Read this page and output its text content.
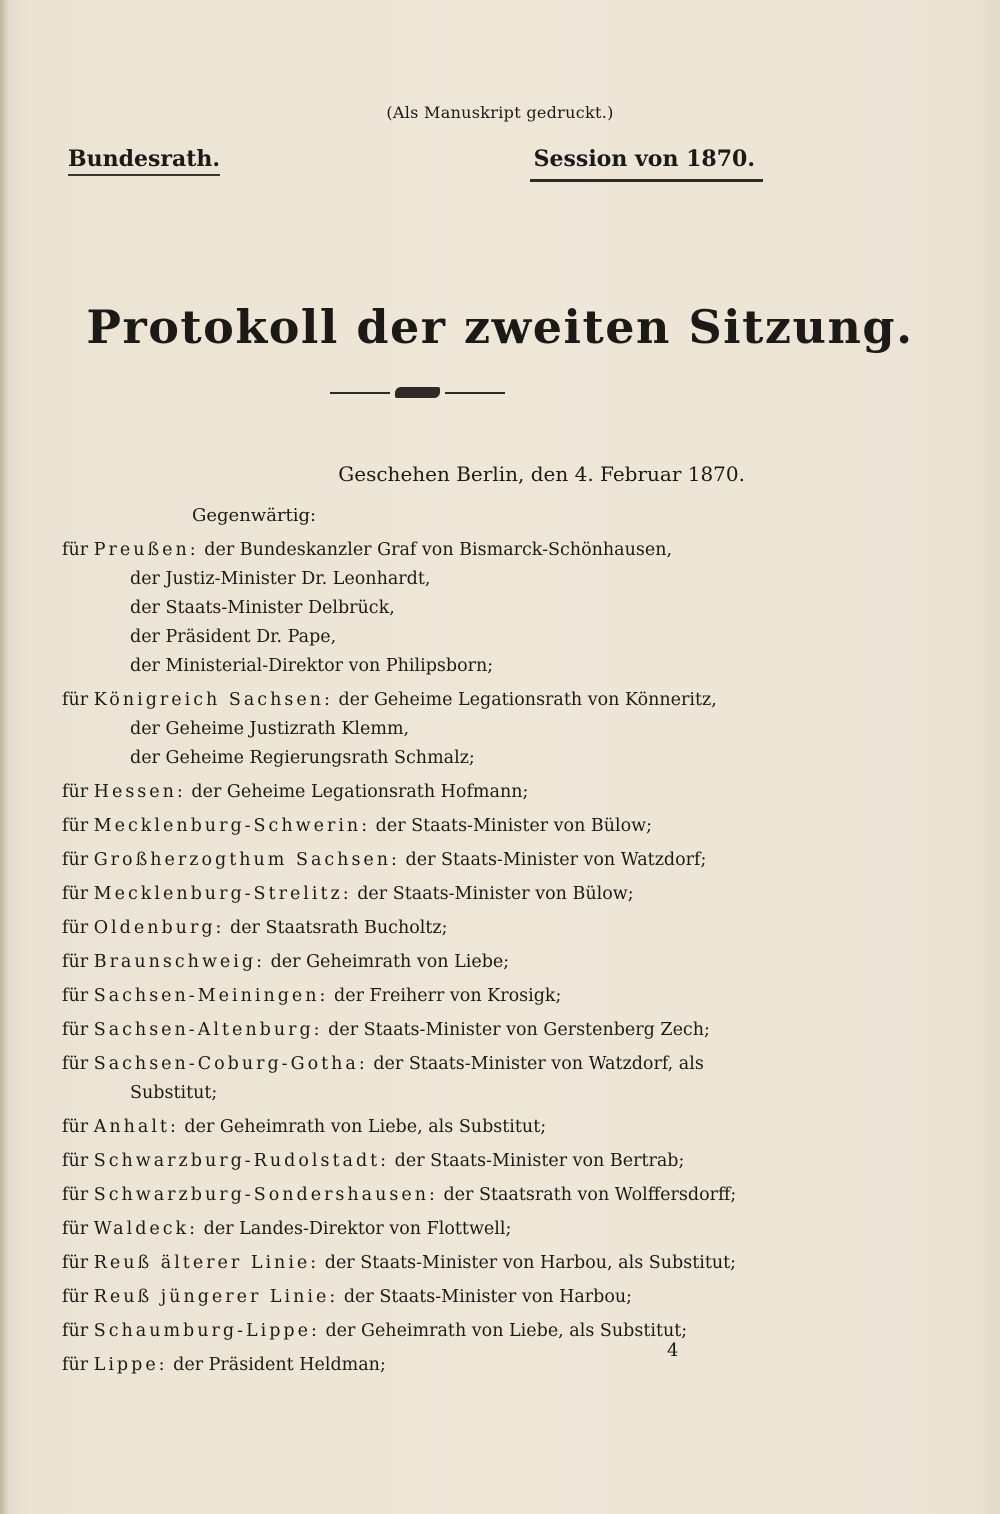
(Als Manuskript gedruckt.)
Bundesrath.	Session von 1870.
Protokoll der zweiten Sitzung.
Geschehen Berlin, den 4. Februar 1870.
Gegenwärtig:
für Preußen: der Bundeskanzler Graf von Bismarck-Schönhausen,
der Justiz-Minister Dr. Leonhardt,
der Staats-Minister Delbrück,
der Präsident Dr. Pape,
der Ministerial-Direktor von Philipsborn;
für Königreich Sachsen: der Geheime Legationsrath von Könneritz,
der Geheime Justizrath Klemm,
der Geheime Regierungsrath Schmalz;
für Hessen: der Geheime Legationsrath Hofmann;
für Mecklenburg-Schwerin: der Staats-Minister von Bülow;
für Großherzogthum Sachsen: der Staats-Minister von Watzdorf;
für Mecklenburg-Strelitz: der Staats-Minister von Bülow;
für Oldenburg: der Staatsrath Bucholtz;
für Braunschweig: der Geheimrath von Liebe;
für Sachsen-Meiningen: der Freiherr von Krosigk;
für Sachsen-Altenburg: der Staats-Minister von Gerstenberg Zech;
für Sachsen-Coburg-Gotha: der Staats-Minister von Watzdorf, als
Substitut;
für Anhalt: der Geheimrath von Liebe, als Substitut;
für Schwarzburg-Rudolstadt: der Staats-Minister von Bertrab;
für Schwarzburg-Sondershausen: der Staatsrath von Wolffersdorff;
für Waldeck: der Landes-Direktor von Flottwell;
für Reuß älterer Linie: der Staats-Minister von Harbou, als Substitut;
für Reuß jüngerer Linie: der Staats-Minister von Harbou;
für Schaumburg-Lippe: der Geheimrath von Liebe, als Substitut;
für Lippe: der Präsident Heldman;
4
